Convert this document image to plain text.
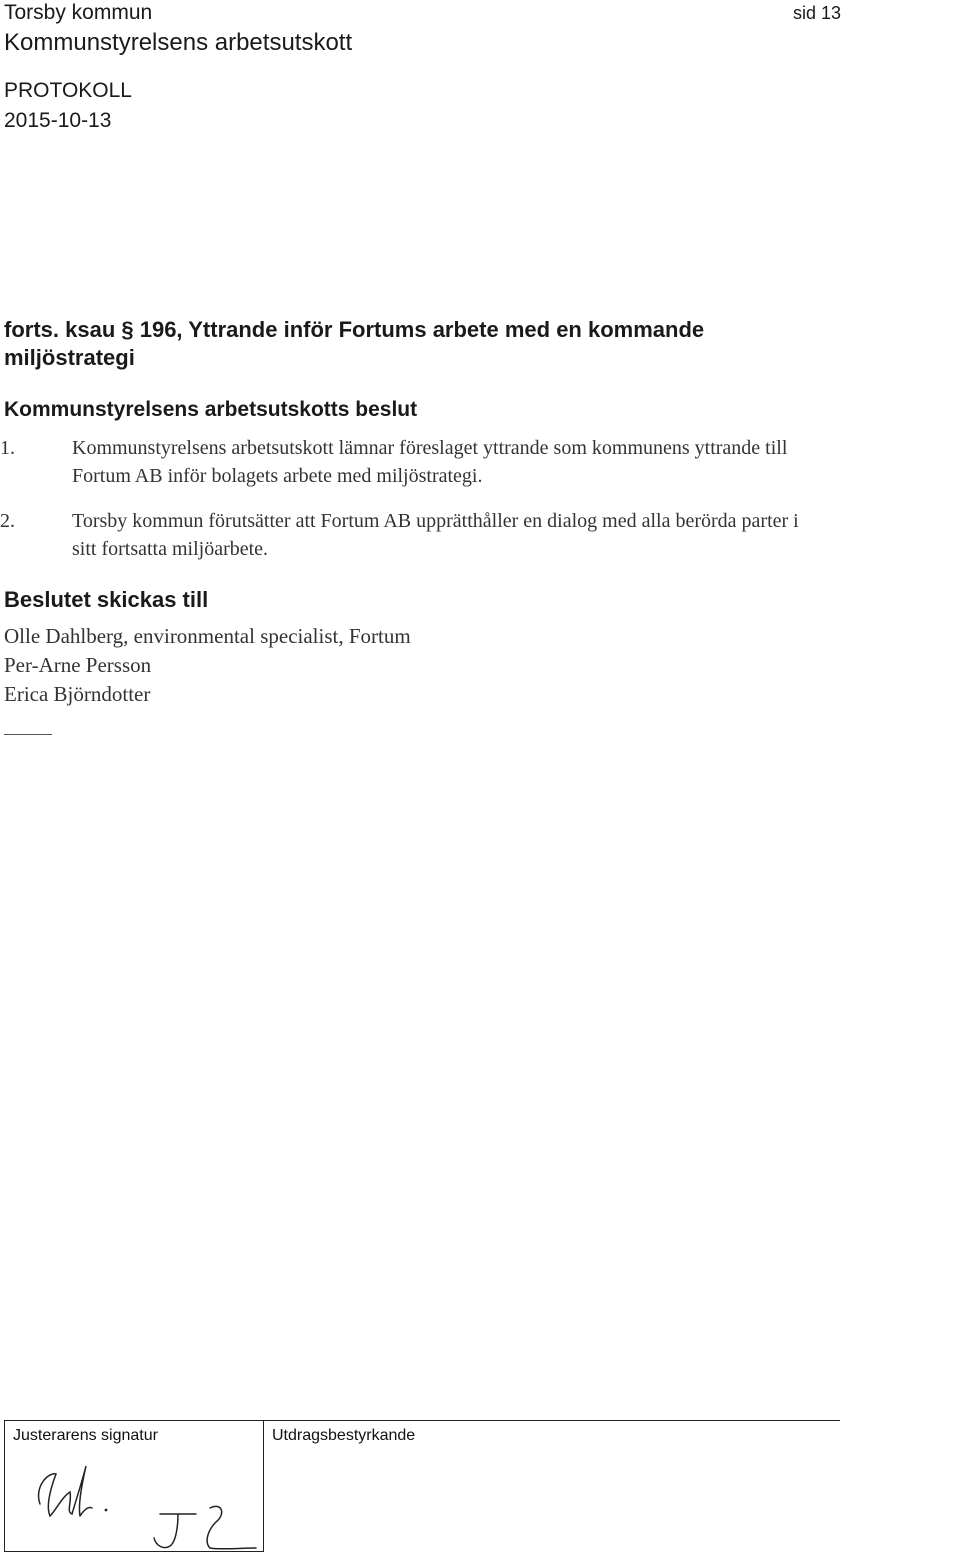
Torsby kommun
Kommunstyrelsens arbetsutskott
sid 13
PROTOKOLL
2015-10-13
forts. ksau § 196, Yttrande inför Fortums arbete med en kommande
miljöstrategi
Kommunstyrelsens arbetsutskotts beslut
1.	Kommunstyrelsens arbetsutskott lämnar föreslaget yttrande som kommunens yttrande till Fortum AB inför bolagets arbete med miljöstrategi.
2.	Torsby kommun förutsätter att Fortum AB upprätthåller en dialog med alla berörda parter i sitt fortsatta miljöarbete.
Beslutet skickas till
Olle Dahlberg, environmental specialist, Fortum
Per-Arne Persson
Erica Björndotter
Justerarens signatur	Utdragsbestyrkande
